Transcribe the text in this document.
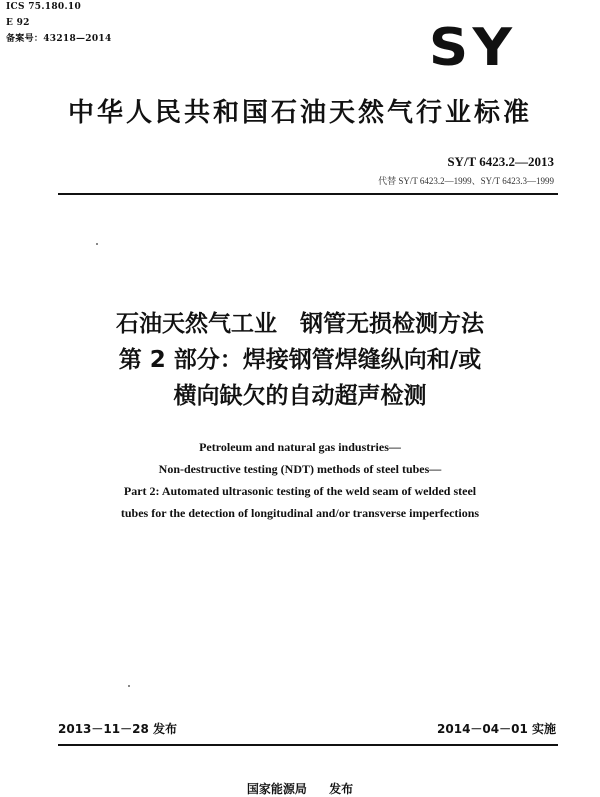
ICS 75.180.10
E 92
备案号：43218—2014	SY
中华人民共和国石油天然气行业标准
SY/T 6423.2—2013
代替 SY/T 6423.2—1999、SY/T 6423.3—1999
石油天然气工业　钢管无损检测方法
第 2 部分：焊接钢管焊缝纵向和/或
横向缺欠的自动超声检测
Petroleum and natural gas industries—
Non-destructive testing (NDT) methods of steel tubes—
Part 2: Automated ultrasonic testing of the weld seam of welded steel
tubes for the detection of longitudinal and/or transverse imperfections
2013－11－28 发布	2014－04－01 实施
国家能源局 发布
